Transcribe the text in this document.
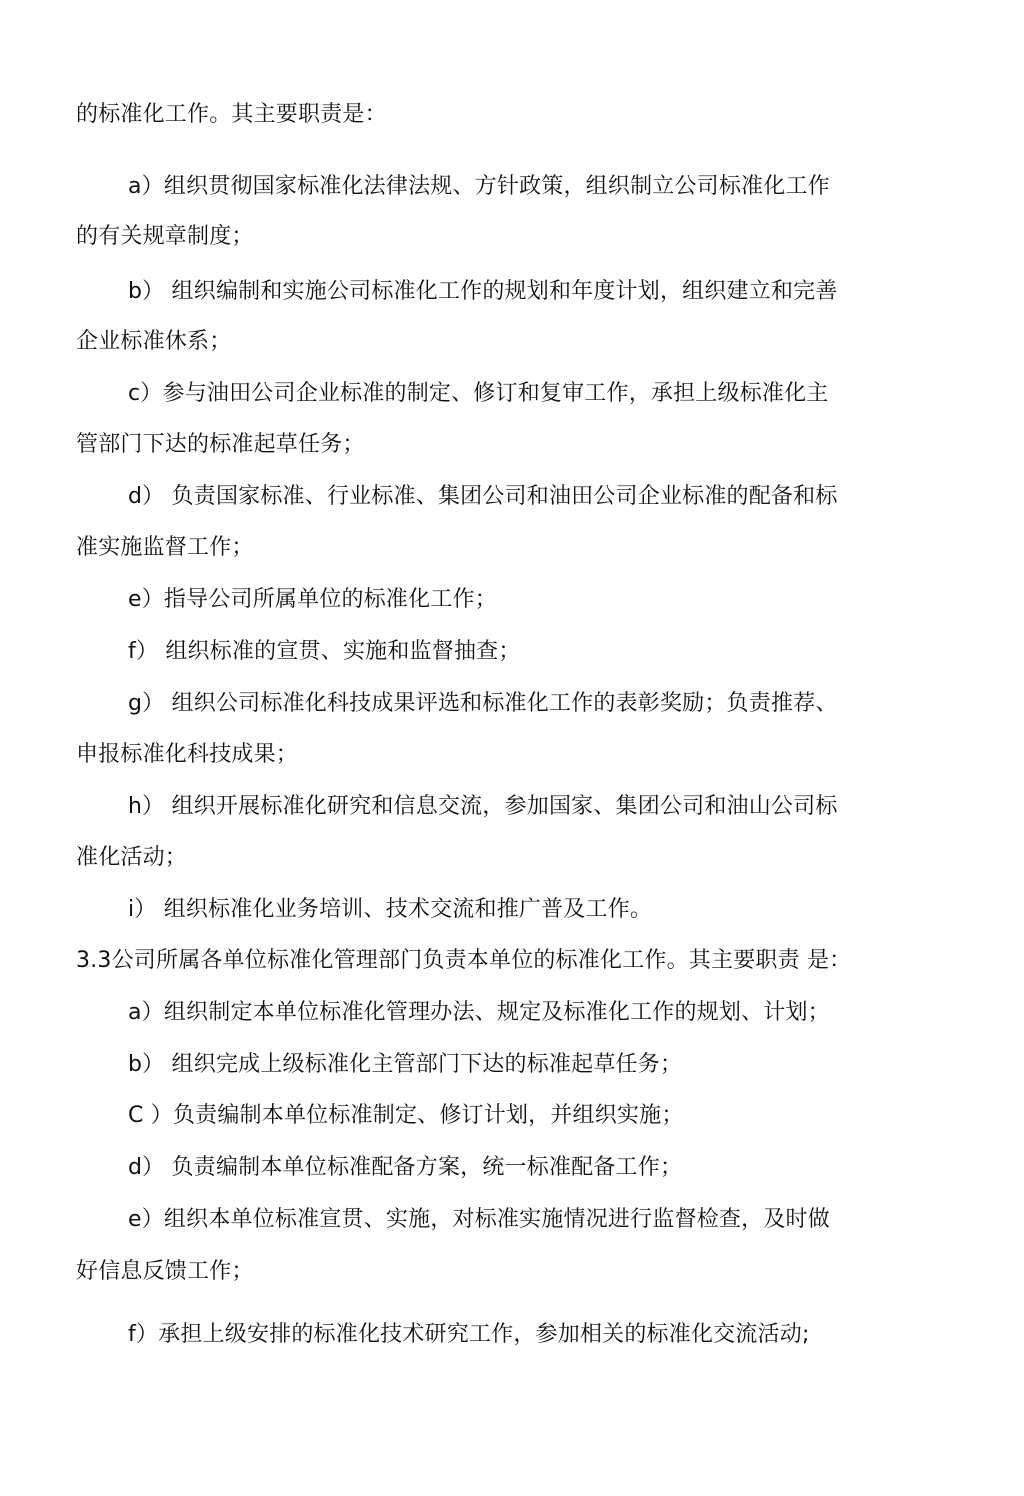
的标准化工作。其主要职责是：
a）组织贯彻国家标准化法律法规、方针政策，组织制立公司标准化工作
的有关规章制度；
b） 组织编制和实施公司标准化工作的规划和年度计划，组织建立和完善
企业标准休系；
c）参与油田公司企业标准的制定、修订和复审工作，承担上级标准化主
管部门下达的标准起草任务；
d） 负责国家标准、行业标准、集团公司和油田公司企业标准的配备和标
准实施监督工作；
e）指导公司所属单位的标准化工作；
f） 组织标准的宣贯、实施和监督抽查；
g） 组织公司标准化科技成果评选和标准化工作的表彰奖励；负责推荐、
申报标准化科技成果；
h） 组织开展标准化研究和信息交流，参加国家、集团公司和油山公司标
准化活动；
i） 组织标准化业务培训、技术交流和推广普及工作。
3.3公司所属各单位标准化管理部门负责本单位的标准化工作。其主要职责 是：
a）组织制定本单位标准化管理办法、规定及标准化工作的规划、计划；
b） 组织完成上级标准化主管部门下达的标准起草任务；
C ）负责编制本单位标准制定、修订计划，并组织实施；
d） 负责编制本单位标准配备方案，统一标准配备工作；
e）组织本单位标准宣贯、实施，对标准实施情况进行监督检查，及时做
好信息反馈工作；
f）承担上级安排的标准化技术研究工作，参加相关的标准化交流活动;
